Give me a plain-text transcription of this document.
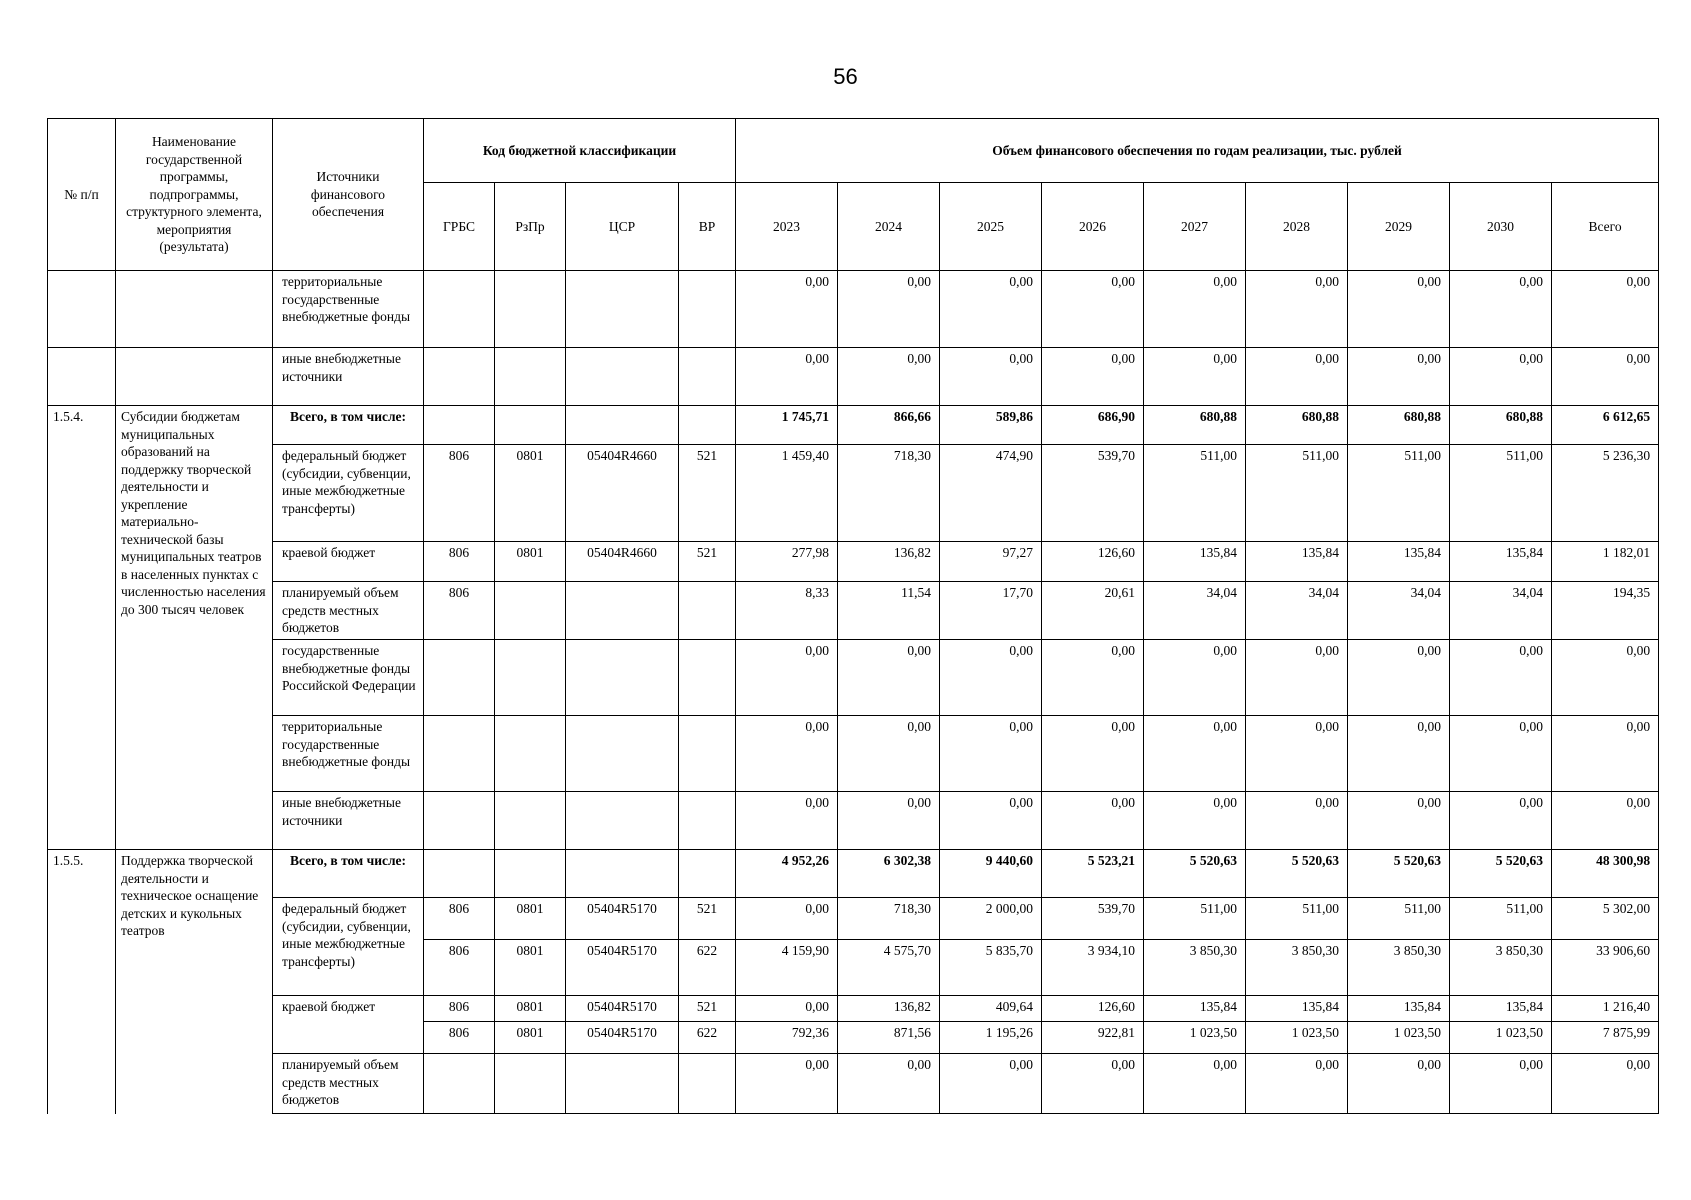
56
№ п/п	Наименование государственной программы, подпрограммы, структурного элемента, мероприятия (результата)	Источники финансового обеспечения	Код бюджетной классификации				Объем финансового обеспечения по годам реализации, тыс. рублей								
			ГРБС	РзПр	ЦСР	ВР	2023	2024	2025	2026	2027	2028	2029	2030	Всего
		территориальные государственные внебюджетные фонды					0,00	0,00	0,00	0,00	0,00	0,00	0,00	0,00	0,00
		иные внебюджетные источники					0,00	0,00	0,00	0,00	0,00	0,00	0,00	0,00	0,00
1.5.4.	Субсидии бюджетам муниципальных образований на поддержку творческой деятельности и укрепление материально-технической базы муниципальных театров в населенных пунктах с численностью населения до 300 тысяч человек	Всего, в том числе:					1 745,71	866,66	589,86	686,90	680,88	680,88	680,88	680,88	6 612,65
		федеральный бюджет (субсидии, субвенции, иные межбюджетные трансферты)	806	0801	05404R4660	521	1 459,40	718,30	474,90	539,70	511,00	511,00	511,00	511,00	5 236,30
		краевой бюджет	806	0801	05404R4660	521	277,98	136,82	97,27	126,60	135,84	135,84	135,84	135,84	1 182,01
		планируемый объем средств местных бюджетов	806				8,33	11,54	17,70	20,61	34,04	34,04	34,04	34,04	194,35
		государственные внебюджетные фонды Российской Федерации					0,00	0,00	0,00	0,00	0,00	0,00	0,00	0,00	0,00
		территориальные государственные внебюджетные фонды					0,00	0,00	0,00	0,00	0,00	0,00	0,00	0,00	0,00
		иные внебюджетные источники					0,00	0,00	0,00	0,00	0,00	0,00	0,00	0,00	0,00
1.5.5.	Поддержка творческой деятельности и техническое оснащение детских и кукольных театров	Всего, в том числе:					4 952,26	6 302,38	9 440,60	5 523,21	5 520,63	5 520,63	5 520,63	5 520,63	48 300,98
		федеральный бюджет (субсидии, субвенции, иные межбюджетные трансферты)	806	0801	05404R5170	521	0,00	718,30	2 000,00	539,70	511,00	511,00	511,00	511,00	5 302,00
			806	0801	05404R5170	622	4 159,90	4 575,70	5 835,70	3 934,10	3 850,30	3 850,30	3 850,30	3 850,30	33 906,60
		краевой бюджет	806	0801	05404R5170	521	0,00	136,82	409,64	126,60	135,84	135,84	135,84	135,84	1 216,40
			806	0801	05404R5170	622	792,36	871,56	1 195,26	922,81	1 023,50	1 023,50	1 023,50	1 023,50	7 875,99
		планируемый объем средств местных бюджетов					0,00	0,00	0,00	0,00	0,00	0,00	0,00	0,00	0,00
